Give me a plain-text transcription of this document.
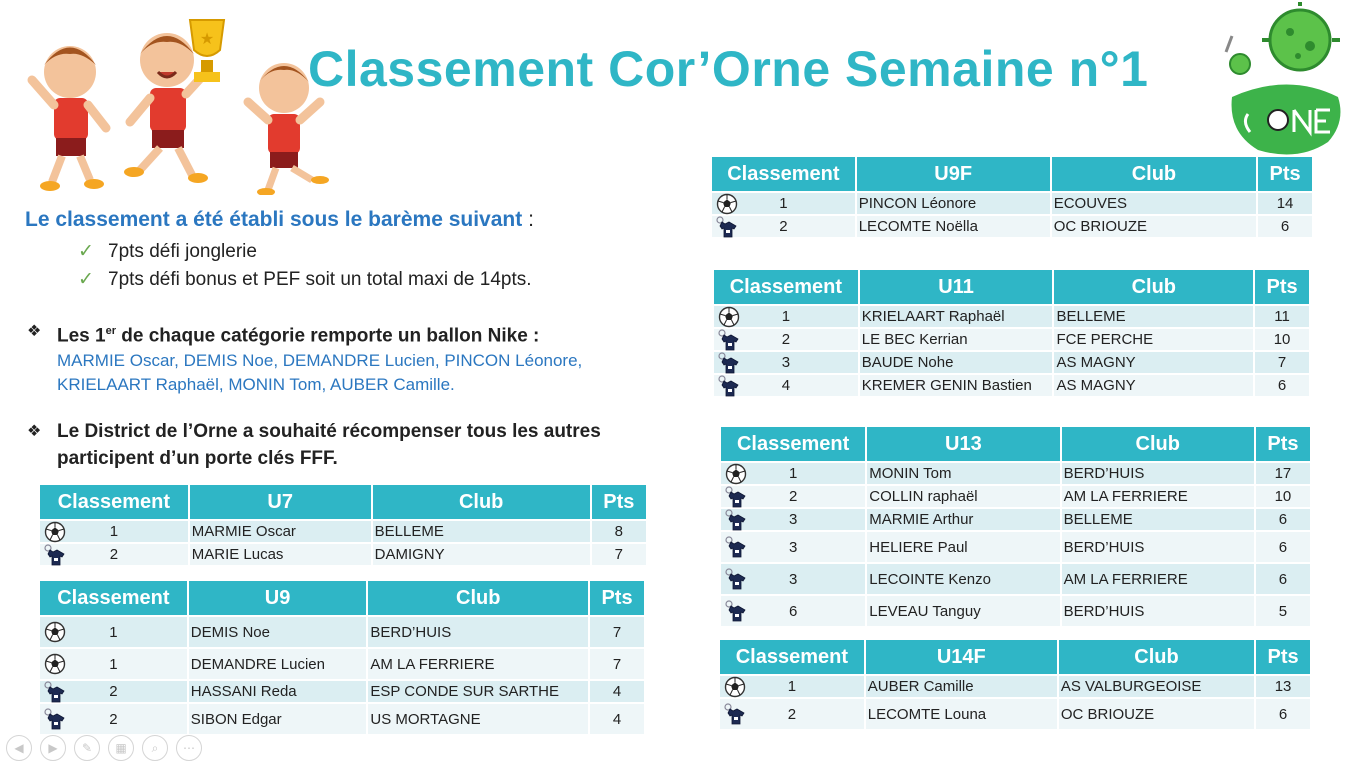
Classement Cor’Orne Semaine n°1
★
Le classement a été établi sous le barème suivant :
✓ 7pts défi jonglerie
✓ 7pts défi bonus et PEF soit un total maxi de 14pts.
❖ Les 1er de chaque catégorie remporte un ballon Nike :
MARMIE Oscar, DEMIS Noe, DEMANDRE Lucien, PINCON Léonore,
KRIELAART Raphaël, MONIN Tom, AUBER Camille.
❖ Le District de l’Orne a souhaité récompenser tous les autres
participent d’un porte clés FFF.
Classement	U9F	Club	Pts

1	PINCON Léonore	ECOUVES	14

2	LECOMTE Noëlla	OC BRIOUZE	6
Classement	U11	Club	Pts

1	KRIELAART Raphaël	BELLEME	11

2	LE BEC Kerrian	FCE PERCHE	10

3	BAUDE Nohe	AS MAGNY	7

4	KREMER GENIN Bastien	AS MAGNY	6
Classement	U13	Club	Pts

1	MONIN Tom	BERD’HUIS	17

2	COLLIN raphaël	AM LA FERRIERE	10

3	MARMIE Arthur	BELLEME	6

3	HELIERE Paul	BERD’HUIS	6

3	LECOINTE Kenzo	AM LA FERRIERE	6

6	LEVEAU Tanguy	BERD’HUIS	5
Classement	U14F	Club	Pts

1	AUBER Camille	AS VALBURGEOISE	13

2	LECOMTE Louna	OC BRIOUZE	6
Classement	U7	Club	Pts

1	MARMIE Oscar	BELLEME	8

2	MARIE Lucas	DAMIGNY	7
Classement	U9	Club	Pts

1	DEMIS Noe	BERD’HUIS	7

1	DEMANDRE Lucien	AM LA FERRIERE	7

2	HASSANI Reda	ESP CONDE SUR SARTHE	4

2	SIBON Edgar	US MORTAGNE	4
◀	▶	✎	▦	⌕	⋯
